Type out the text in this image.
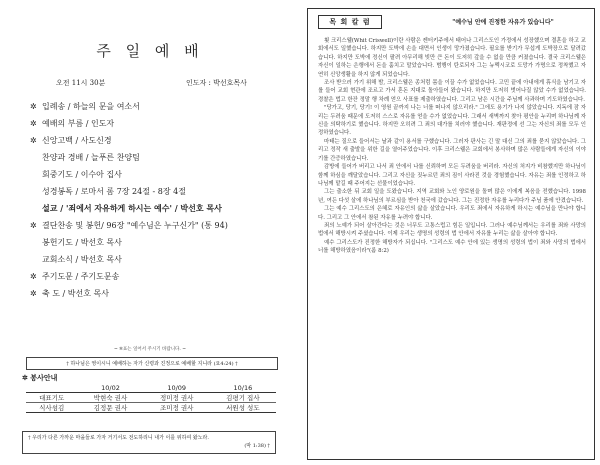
주 일 예 배
오전 11시 30분	인도자 : 박선호목사
✲ 입례송 / 하늘의 문을 여소서
✲ 예배의 부름 / 인도자
✲ 신앙고백 / 사도신경
찬양과 경배 / 늘푸른 찬양팀
회중기도 / 이수아 집사
성경봉독 / 로마서 롬 7장 24절 - 8장 4절
설교 / '죄에서 자유하게 하시는 예수' / 박선호 목사
✲ 결단찬송 및 봉헌/ 96장 "예수님은 누구신가" (통 94)
봉헌기도 / 박선호 목사
교회소식 / 박선호 목사
✲ 주기도문 / 주기도문송
✲ 축 도 / 박선호 목사
~ ✲표는 일어서 주시기 바랍니다. ~
† 하나님은 영이시니 예배하는 자가 신령과 진정으로 예배할 지니라 (요4:24) †
✲ 봉사안내
	10/02	10/09	10/16
대표기도	박현숙 권사	정미정 권사	김평기 집사
식사섬김	김정문 권사	조미정 권사	서원성 성도
† 우리가 다른 가까운 마을들로 가자 거기서도 전도하리니 내가 이를 위하여 왔노라.
(막 1:38) †
목 회 칼 럼	"예수님 안에 진정한 자유가 있습니다"

휫 크리스웰(Whit Criswell)이란 사람은 켄터키주에서 태어나 그리스도인 가정에서 성장했으며 결혼을 하고 교회에서도 일했습니다. 하지만 도박에 손을 대면서 인생이 망가졌습니다. 필요를 받기가 무섭게 도박장으로 달려갔습니다. 하지만 도박에 정신이 팔려 아무리해 빚만 큰 돈이 도저히 갚을 수 없을 만큼 커졌습니다. 결국 크리스웰은 자신이 일하는 은행에서 돈을 훔치고 말았습니다. 범행이 탄로되자 그는 뉴멕시코로 도망가 가명으로 정착했고 자연히 신앙생활을 하지 않게 되었습니다.

조사 받으러 가기 위해 밤, 크리스웰은 종처럼 몸을 이끌 수가 없었습니다. 고민 끝에 아내에게 휴식을 남기고 자를 들어 교회 현관에 조르고 가서 혼돈 지대로 돌아들어 왔습니다. 하지만 도저히 벗어나질 않았 수가 없었습니다. 경찰은 법고 한잔 정말 행 차례 얻으 사표를 제출하였습니다. 그리고 남은 시간을 주님께 사과하며 기도하였습니다.

"당가고, 당기, 당기! 이 영원 끝까지 나는 너를 떠나지 않으리라." 그에도 용기가 나지 않았습니다. 지독에 잠 자리는 두려움 때문에 도저히 스스로 자유를 얻을 수가 없었습니다. 그래서 새벽까지 찾아 평안을 누리며 하나님께 자신을 의탁하기로 했습니다. 하지만 오히려 그 죄의 대가를 치러야 했습니다. 재판정에 선 그는 자신의 죄를 모두 인정하였습니다.

마태는 질으로 들어서는 날과 같이 용서를 구했습니다. 그러자 판사는 긴 말 대신 그의 죄를 묻지 않았습니다. 그리고 정작 새 출발을 위한 길을 열어주었습니다. 이후 크리스웰은 교회에서 봉사하며 많은 사람들에게 자신의 이야기를 간증하였습니다.

감방에 들어가 버리고 나서 죄 안에서 나를 신뢰하며 모든 두려움을 버리라. 자신의 처지가 비참했지만 하나님이 함께 하심을 깨달았습니다. 그리고 자신을 짓누르던 죄의 짐이 사라진 것을 경험했습니다. 자유는 죄를 인정하고 하나님께 맡길 때 주어지는 선물이었습니다.

그는 출소한 뒤 교회 일을 도왔습니다. 지역 교회와 노인 양로원을 돌며 많은 이에게 복음을 전했습니다. 1998년, 여든 다섯 살에 하나님의 부르심을 받아 천국에 갔습니다. 그는 진정한 자유를 누리다가 주님 품에 안겼습니다.

그는 예수 그리스도의 은혜로 자유인의 삶을 살았습니다. 우리도 죄에서 자유하게 하시는 예수님을 만나야 합니다. 그리고 그 안에서 참된 자유를 누려야 합니다.

죄의 노예가 되어 살아간다는 것은 너무도 고통스럽고 힘든 일입니다. 그러나 예수님께서는 우리를 죄와 사망의 법에서 해방시켜 주셨습니다. 이제 우리는 생명의 성령의 법 안에서 자유를 누리는 삶을 살아야 합니다.

예수 그리스도가 진정한 해방자가 되십니다. "그리스도 예수 안에 있는 생명의 성령의 법이 죄와 사망의 법에서 너를 해방하였음이라"(롬 8:2)
